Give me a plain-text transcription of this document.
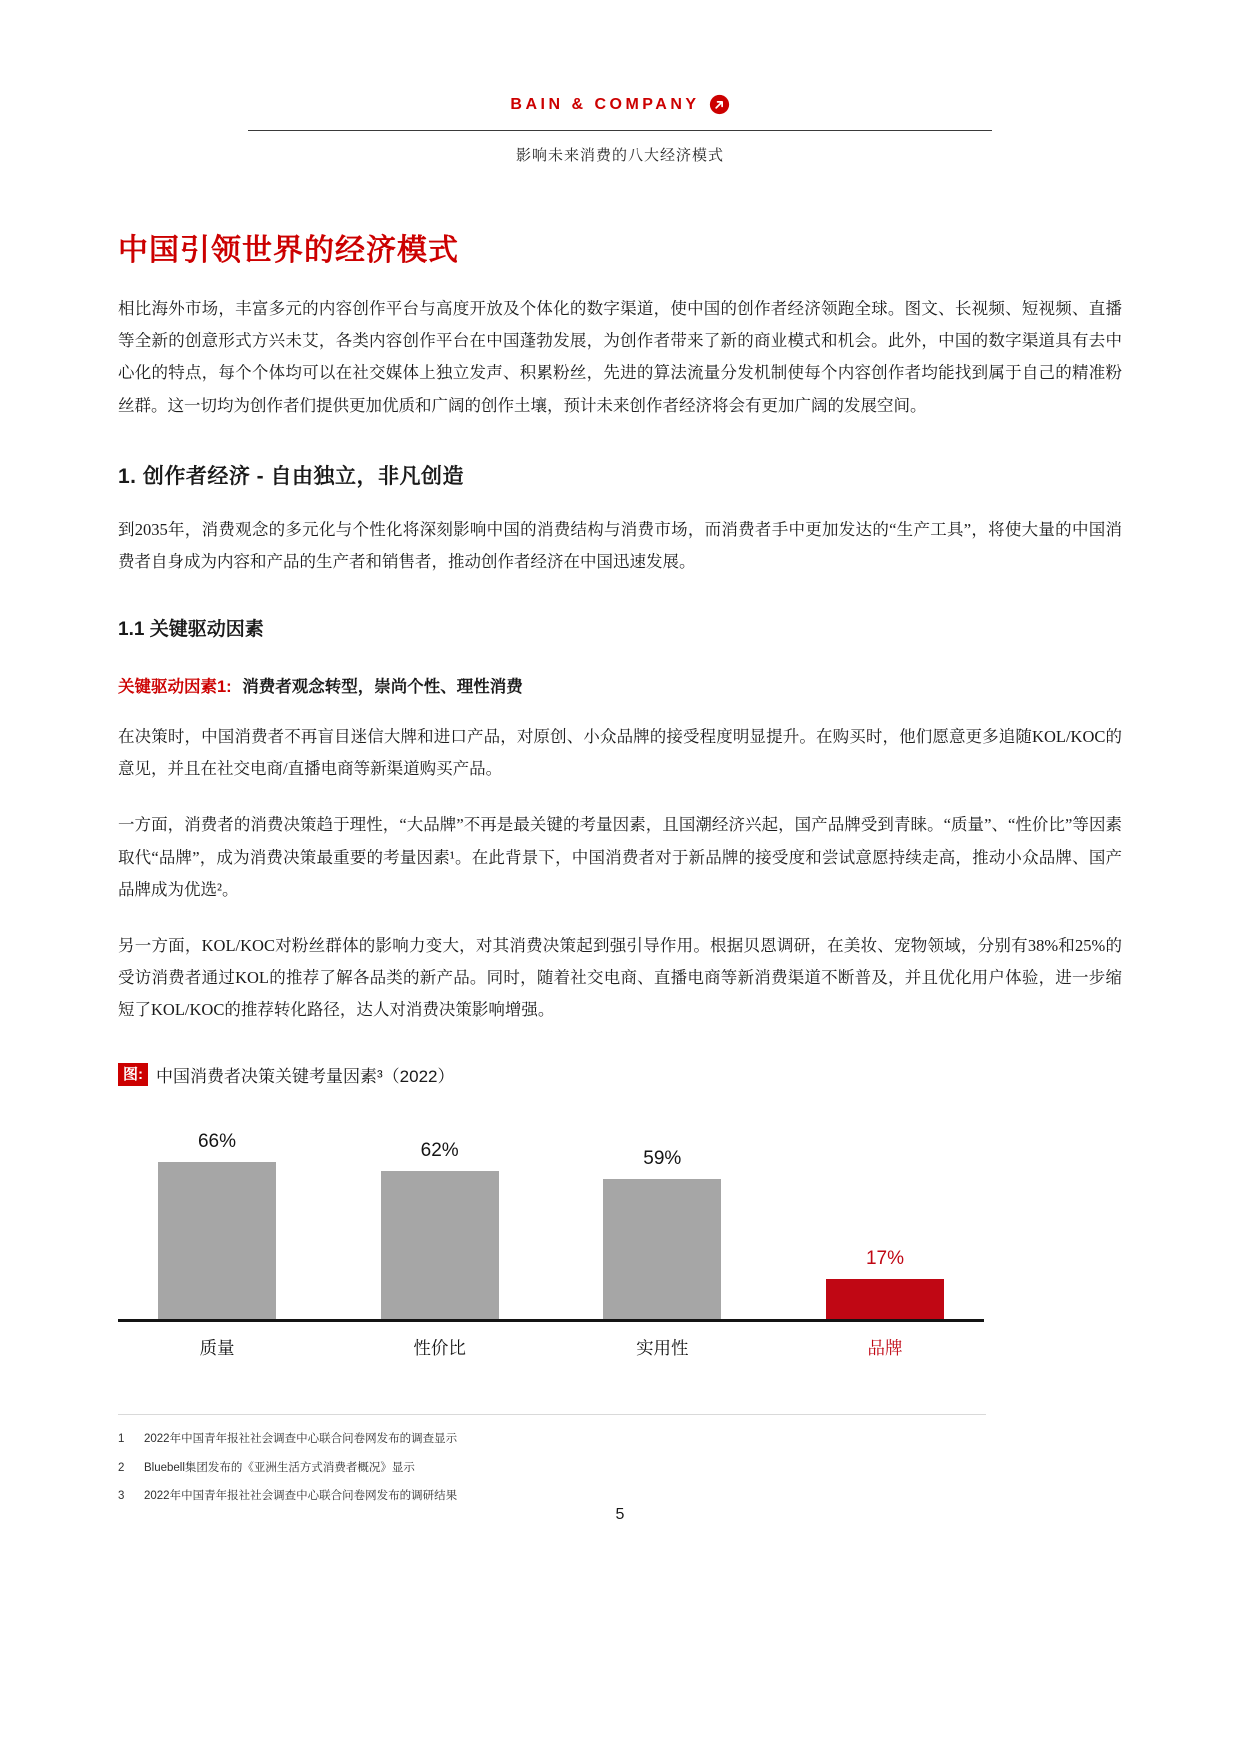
BAIN & COMPANY
影响未来消费的八大经济模式
中国引领世界的经济模式

相比海外市场，丰富多元的内容创作平台与高度开放及个体化的数字渠道，使中国的创作者经济领跑全球。图文、长视频、短视频、直播等全新的创意形式方兴未艾，各类内容创作平台在中国蓬勃发展，为创作者带来了新的商业模式和机会。此外，中国的数字渠道具有去中心化的特点，每个个体均可以在社交媒体上独立发声、积累粉丝，先进的算法流量分发机制使每个内容创作者均能找到属于自己的精准粉丝群。这一切均为创作者们提供更加优质和广阔的创作土壤，预计未来创作者经济将会有更加广阔的发展空间。

1. 创作者经济 - 自由独立，非凡创造

到2035年，消费观念的多元化与个性化将深刻影响中国的消费结构与消费市场，而消费者手中更加发达的“生产工具”，将使大量的中国消费者自身成为内容和产品的生产者和销售者，推动创作者经济在中国迅速发展。

1.1 关键驱动因素

关键驱动因素1: 消费者观念转型，崇尚个性、理性消费

在决策时，中国消费者不再盲目迷信大牌和进口产品，对原创、小众品牌的接受程度明显提升。在购买时，他们愿意更多追随KOL/KOC的意见，并且在社交电商/直播电商等新渠道购买产品。

一方面，消费者的消费决策趋于理性，“大品牌”不再是最关键的考量因素，且国潮经济兴起，国产品牌受到青睐。“质量”、“性价比”等因素取代“品牌”，成为消费决策最重要的考量因素¹。在此背景下，中国消费者对于新品牌的接受度和尝试意愿持续走高，推动小众品牌、国产品牌成为优选²。

另一方面，KOL/KOC对粉丝群体的影响力变大，对其消费决策起到强引导作用。根据贝恩调研，在美妆、宠物领域，分别有38%和25%的受访消费者通过KOL的推荐了解各品类的新产品。同时，随着社交电商、直播电商等新消费渠道不断普及，并且优化用户体验，进一步缩短了KOL/KOC的推荐转化路径，达人对消费决策影响增强。

图: 中国消费者决策关键考量因素³（2022）
66%	62%	59%
17%
质量	性价比	实用性	品牌
1	2022年中国青年报社社会调查中心联合问卷网发布的调查显示
2	Bluebell集团发布的《亚洲生活方式消费者概况》显示
3	2022年中国青年报社社会调查中心联合问卷网发布的调研结果
5
